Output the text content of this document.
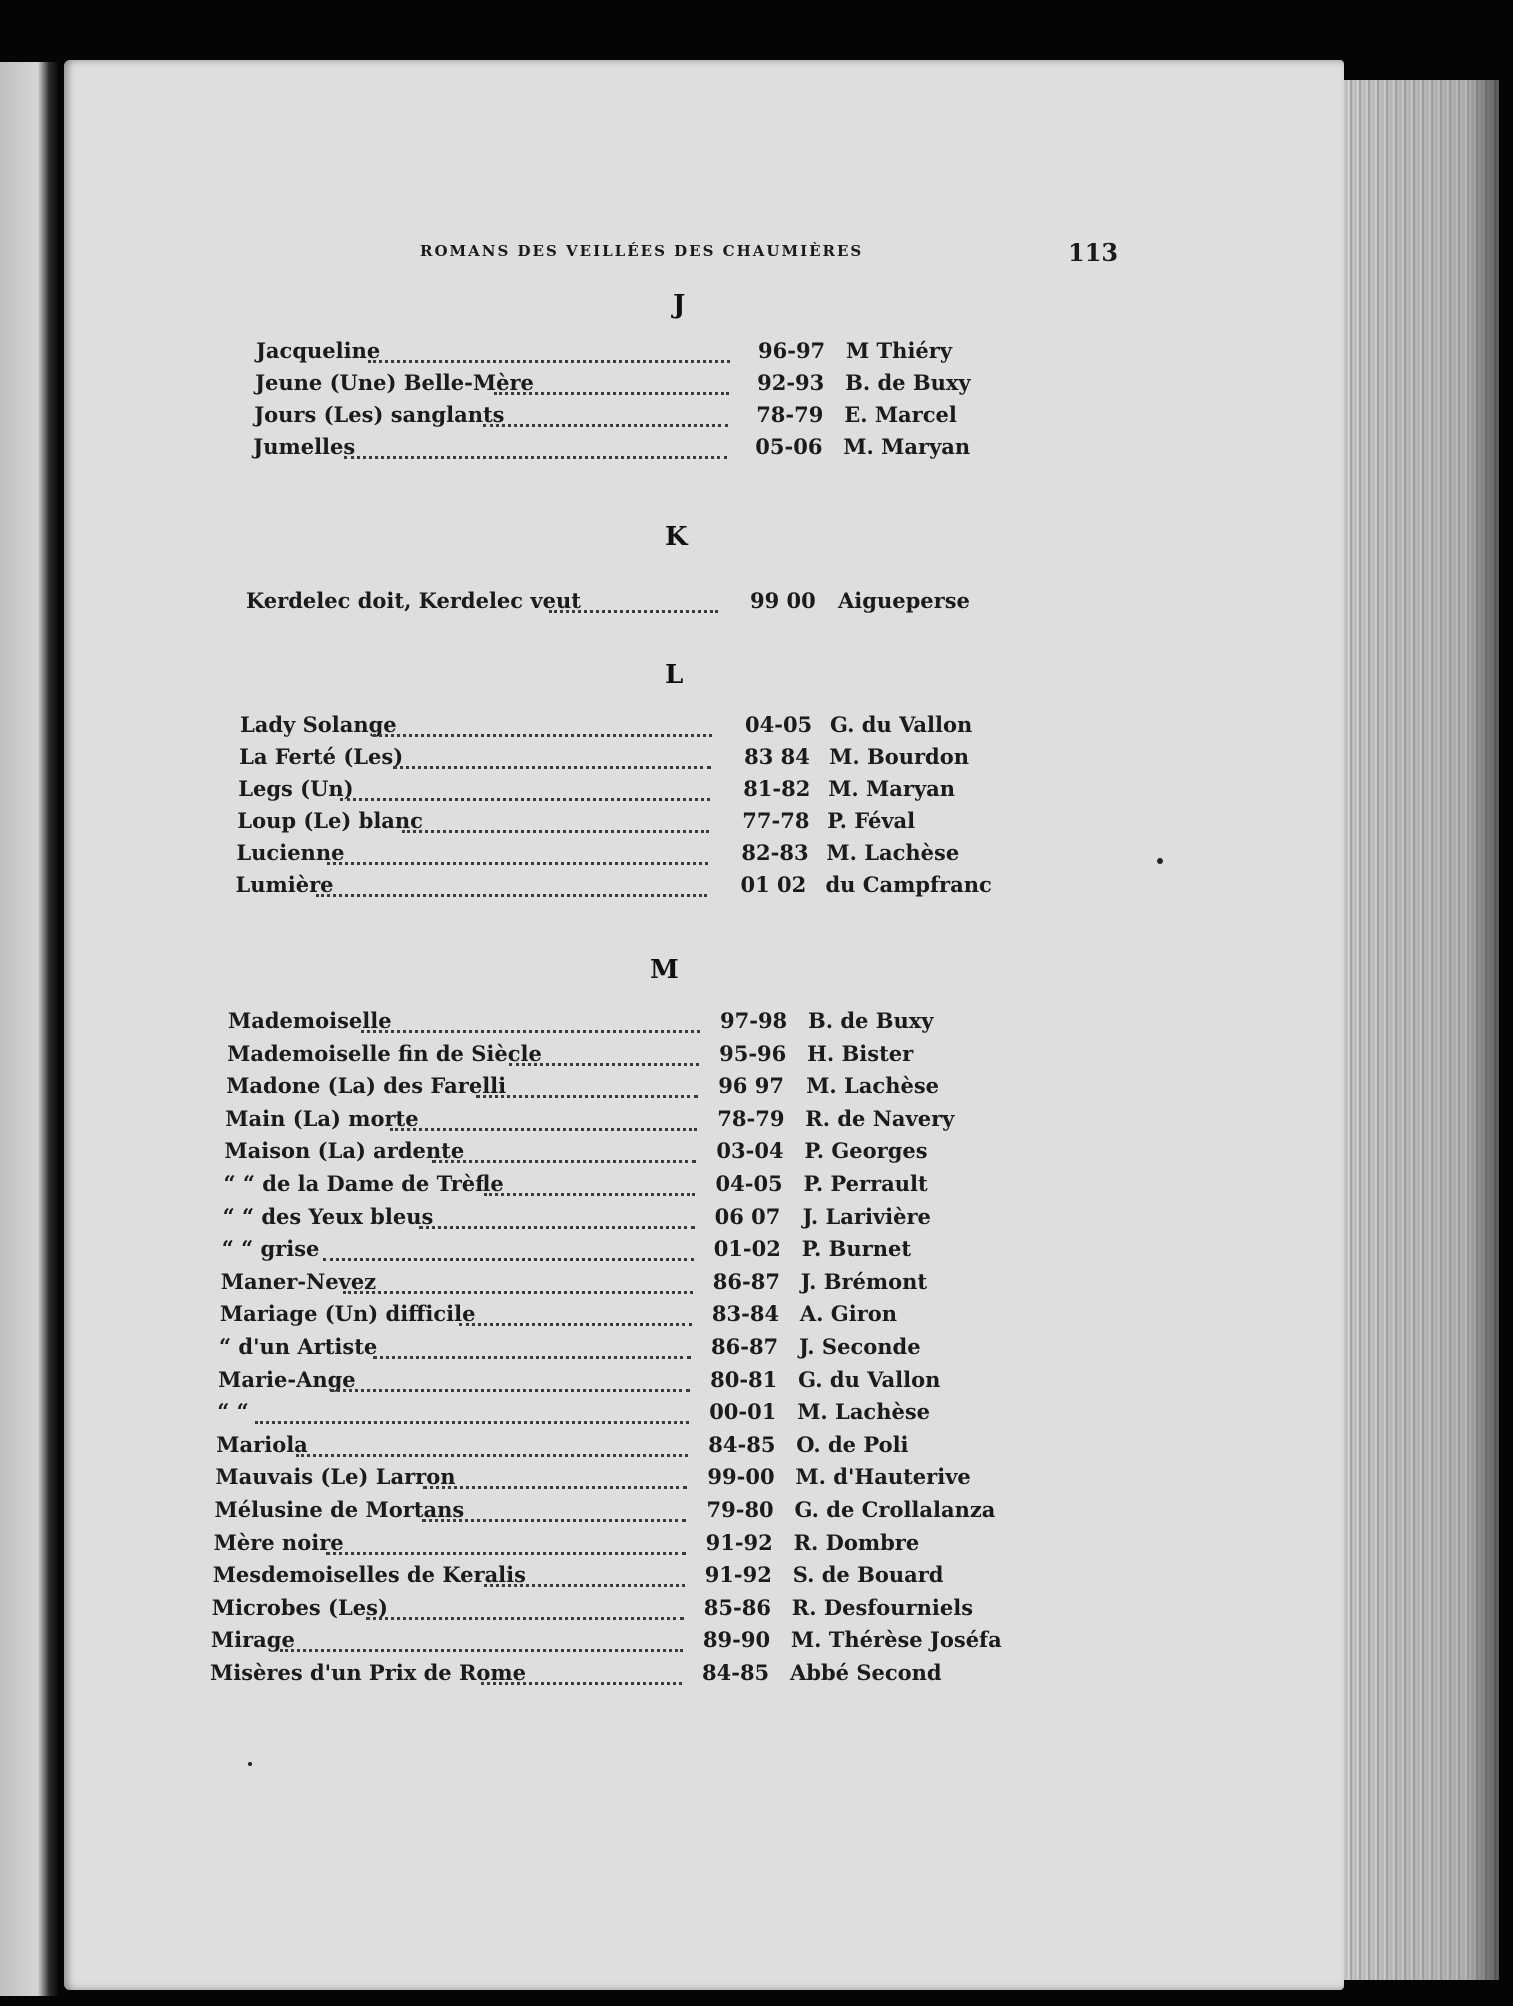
ROMANS DES VEILLÉES DES CHAUMIÈRES	113
J
Jacqueline	96-97 M Thiéry
Jeune (Une) Belle-Mère	92-93 B. de Buxy
Jours (Les) sanglants	78-79 E. Marcel
Jumelles	05-06 M. Maryan
K
Kerdelec doit, Kerdelec veut	99 00 Aigueperse
L
Lady Solange	04-05 G. du Vallon
La Ferté (Les)	83 84 M. Bourdon
Legs (Un)	81-82 M. Maryan
Loup (Le) blanc	77-78 P. Féval
Lucienne	82-83 M. Lachèse
Lumière	01 02 du Campfranc
M
Mademoiselle	97-98 B. de Buxy
Mademoiselle fin de Siècle	95-96 H. Bister
Madone (La) des Farelli	96 97 M. Lachèse
Main (La) morte	78-79 R. de Navery
Maison (La) ardente	03-04 P. Georges
“ “ de la Dame de Trèfle	04-05 P. Perrault
“ “ des Yeux bleus	06 07 J. Larivière
“ “ grise	01-02 P. Burnet
Maner-Nevez	86-87 J. Brémont
Mariage (Un) difficile	83-84 A. Giron
“ d'un Artiste	86-87 J. Seconde
Marie-Ange	80-81 G. du Vallon
“ “	00-01 M. Lachèse
Mariola	84-85 O. de Poli
Mauvais (Le) Larron	99-00 M. d'Hauterive
Mélusine de Mortans	79-80 G. de Crollalanza
Mère noire	91-92 R. Dombre
Mesdemoiselles de Keralis	91-92 S. de Bouard
Microbes (Les)	85-86 R. Desfourniels
Mirage	89-90 M. Thérèse Joséfa
Misères d'un Prix de Rome	84-85 Abbé Second
